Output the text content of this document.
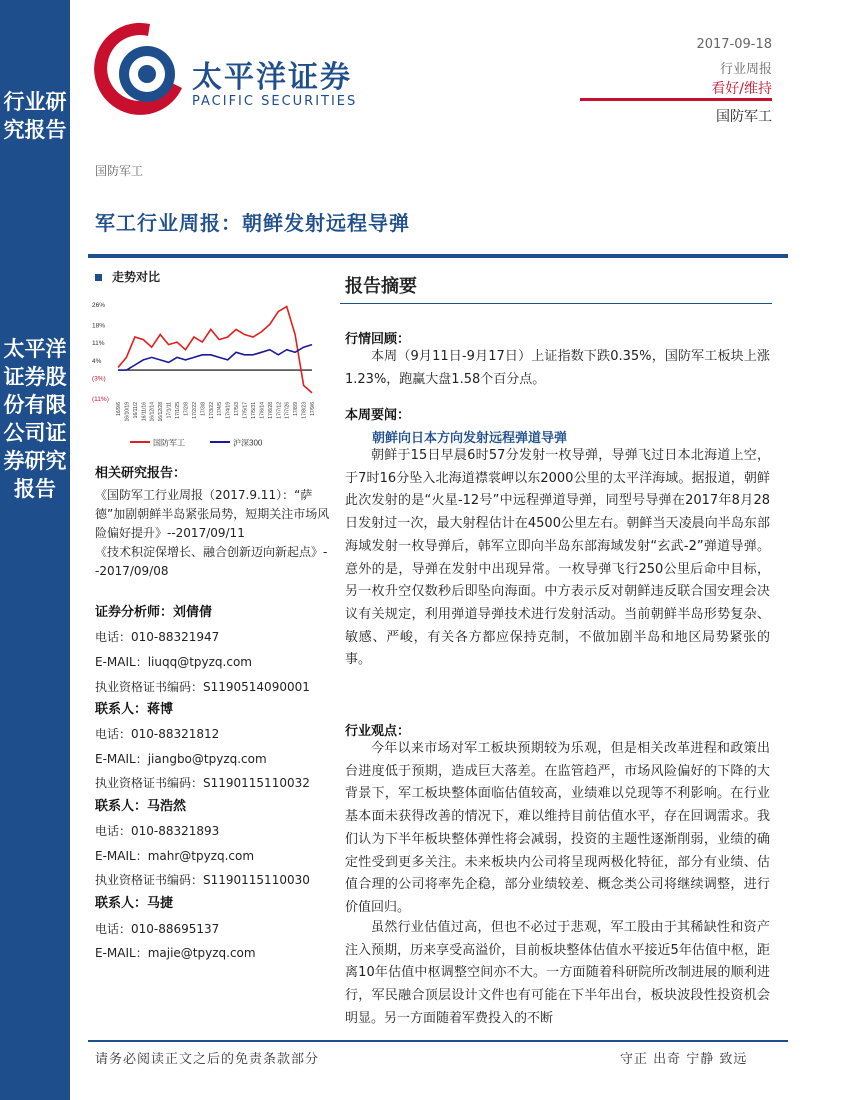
行业研究报告
太平洋证券股份有限公司证券研究报告
太平洋证券
PACIFIC SECURITIES
2017-09-18
行业周报
看好/维持
国防军工
国防军工
军工行业周报：朝鲜发射远程导弹
走势对比
26%
18%
11%
4%
(3%)
(11%)
16/9/6 16/10/19 16/11/2 16/11/16 16/12/14 16/12/28 17/1/11 17/1/25 17/2/8 17/2/22 17/3/8 17/3/22 17/4/5 17/4/19 17/5/3 17/5/17 17/5/31 17/6/14 17/6/28 17/7/12 17/7/26 17/8/9 17/8/23 17/9/6
国防军工	沪深300

相关研究报告：

《国防军工行业周报（2017.9.11）：“萨德”加剧朝鲜半岛紧张局势，短期关注市场风险偏好提升》--2017/09/11

《技术积淀保增长、融合创新迈向新起点》--2017/09/08

证券分析师：刘倩倩

电话：010-88321947

E-MAIL：liuqq@tpyzq.com

执业资格证书编码：S1190514090001

联系人：蒋博

电话：010-88321812

E-MAIL：jiangbo@tpyzq.com

执业资格证书编码：S1190115110032

联系人：马浩然

电话：010-88321893

E-MAIL：mahr@tpyzq.com

执业资格证书编码：S1190115110030

联系人：马捷

电话：010-88695137

E-MAIL：majie@tpyzq.com

报告摘要
行情回顾：
本周（9月11日-9月17日）上证指数下跌0.35%，国防军工板块上涨1.23%，跑赢大盘1.58个百分点。
本周要闻：
朝鲜向日本方向发射远程弹道导弹
朝鲜于15日早晨6时57分发射一枚导弹，导弹飞过日本北海道上空，于7时16分坠入北海道襟裳岬以东2000公里的太平洋海域。据报道，朝鲜此次发射的是“火星-12号”中远程弹道导弹，同型号导弹在2017年8月28日发射过一次，最大射程估计在4500公里左右。朝鲜当天凌晨向半岛东部海域发射一枚导弹后，韩军立即向半岛东部海域发射“玄武-2”弹道导弹。意外的是，导弹在发射中出现异常。一枚导弹飞行250公里后命中目标，另一枚升空仅数秒后即坠向海面。中方表示反对朝鲜违反联合国安理会决议有关规定，利用弹道导弹技术进行发射活动。当前朝鲜半岛形势复杂、敏感、严峻，有关各方都应保持克制，不做加剧半岛和地区局势紧张的事。
行业观点：
今年以来市场对军工板块预期较为乐观，但是相关改革进程和政策出台进度低于预期，造成巨大落差。在监管趋严，市场风险偏好的下降的大背景下，军工板块整体面临估值较高，业绩难以兑现等不利影响。在行业基本面未获得改善的情况下，难以维持目前估值水平，存在回调需求。我们认为下半年板块整体弹性将会减弱，投资的主题性逐渐削弱，业绩的确定性受到更多关注。未来板块内公司将呈现两极化特征，部分有业绩、估值合理的公司将率先企稳，部分业绩较差、概念类公司将继续调整，进行价值回归。
虽然行业估值过高，但也不必过于悲观，军工股由于其稀缺性和资产注入预期，历来享受高溢价，目前板块整体估值水平接近5年估值中枢，距离10年估值中枢调整空间亦不大。一方面随着科研院所改制进展的顺利进行，军民融合顶层设计文件也有可能在下半年出台，板块波段性投资机会明显。另一方面随着军费投入的不断
请务必阅读正文之后的免责条款部分	守正 出奇 宁静 致远
